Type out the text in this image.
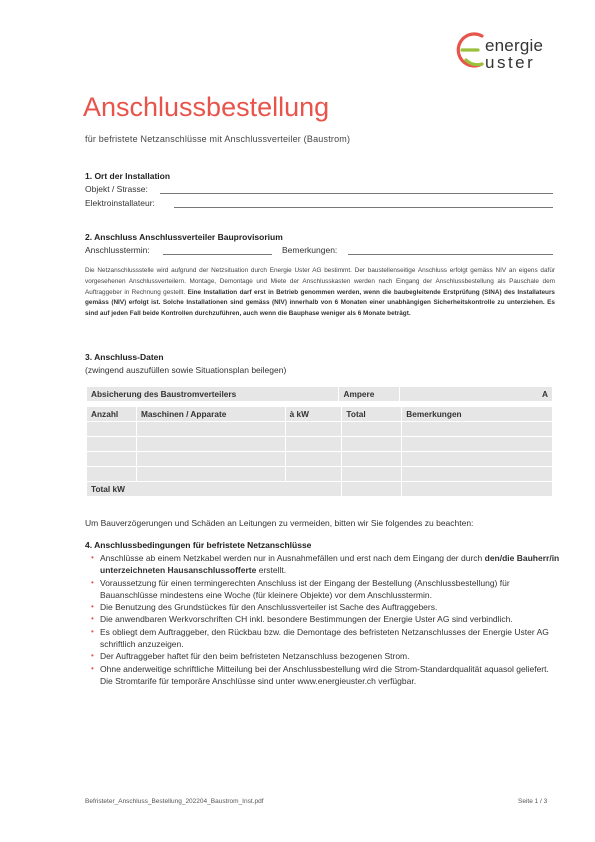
energie
uster
Anschlussbestellung
für befristete Netzanschlüsse mit Anschlussverteiler (Baustrom)
1. Ort der Installation
Objekt / Strasse:
Elektroinstallateur:
2. Anschluss Anschlussverteiler Bauprovisorium
Anschlusstermin:	Bemerkungen:
Die Netzanschlussstelle wird aufgrund der Netzsituation durch Energie Uster AG bestimmt. Der baustellenseitige Anschluss erfolgt gemäss NIV an eigens dafür vorgesehenen Anschlussverteilern. Montage, Demontage und Miete der Anschlusskasten werden nach Eingang der Anschlussbestellung als Pauschale dem Auftraggeber in Rechnung gestellt. Eine Installation darf erst in Betrieb genommen werden, wenn die baubegleitende Erstprüfung (SINA) des Installateurs gemäss (NIV) erfolgt ist. Solche Installationen sind gemäss (NIV) innerhalb von 6 Monaten einer unabhängigen Sicherheitskontrolle zu unterziehen. Es sind auf jeden Fall beide Kontrollen durchzuführen, auch wenn die Bauphase weniger als 6 Monate beträgt.
3. Anschluss-Daten
(zwingend auszufüllen sowie Situationsplan beilegen)
Absicherung des Baustromverteilers	Ampere	A
Anzahl	Maschinen / Apparate	à kW	Total	Bemerkungen

Total kW				
Um Bauverzögerungen und Schäden an Leitungen zu vermeiden, bitten wir Sie folgendes zu beachten:
4. Anschlussbedingungen für befristete Netzanschlüsse
• Anschlüsse ab einem Netzkabel werden nur in Ausnahmefällen und erst nach dem Eingang der durch den/die Bauherr/in unterzeichneten Hausanschlussofferte erstellt.
• Voraussetzung für einen termingerechten Anschluss ist der Eingang der Bestellung (Anschlussbestellung) für Bauanschlüsse mindestens eine Woche (für kleinere Objekte) vor dem Anschlusstermin.
• Die Benutzung des Grundstückes für den Anschlussverteiler ist Sache des Auftraggebers.
• Die anwendbaren Werkvorschriften CH inkl. besondere Bestimmungen der Energie Uster AG sind verbindlich.
• Es obliegt dem Auftraggeber, den Rückbau bzw. die Demontage des befristeten Netzanschlusses der Energie Uster AG schriftlich anzuzeigen.
• Der Auftraggeber haftet für den beim befristeten Netzanschluss bezogenen Strom.
• Ohne anderweitige schriftliche Mitteilung bei der Anschlussbestellung wird die Strom-Standardqualität aquasol geliefert. Die Stromtarife für temporäre Anschlüsse sind unter www.energieuster.ch verfügbar.
Befristeter_Anschluss_Bestellung_202204_Baustrom_Inst.pdf	Seite 1 / 3
